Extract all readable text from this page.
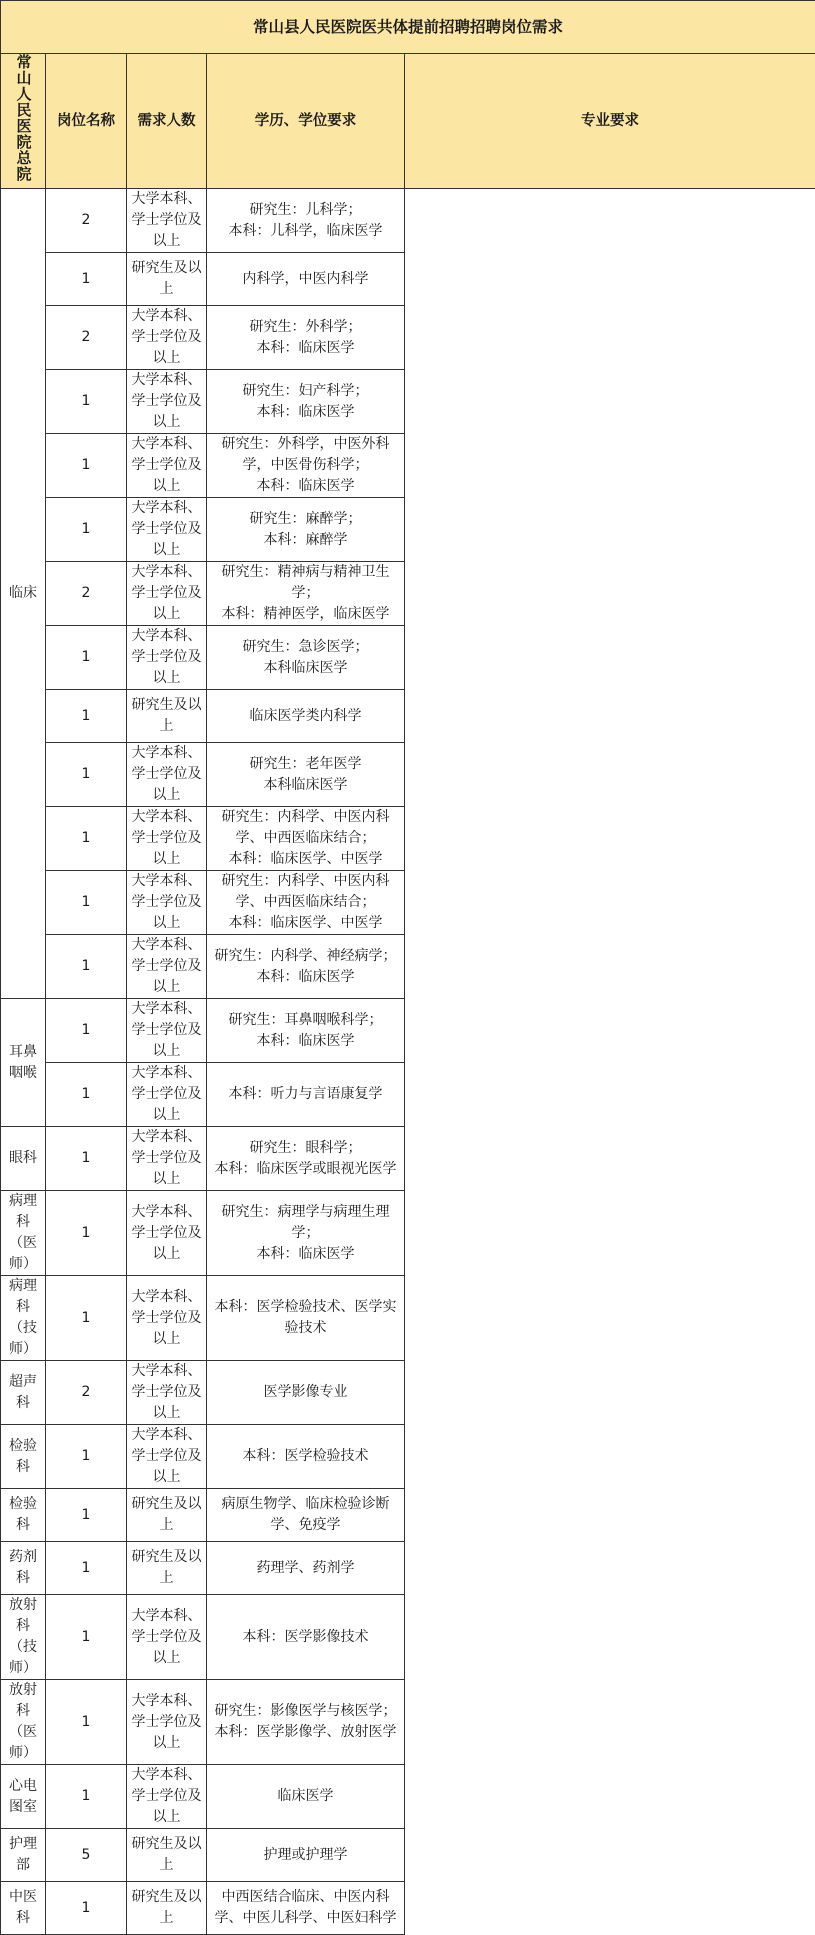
常山县人民医院医共体提前招聘招聘岗位需求				
常山人民医院总院	岗位名称	需求人数	学历、学位要求	专业要求

临床	2	大学本科、学士学位及以上	研究生：儿科学；
本科：儿科学，临床医学	

	1	研究生及以上	内科学，中医内科学	

	2	大学本科、学士学位及以上	研究生：外科学；
本科：临床医学	

	1	大学本科、学士学位及以上	研究生：妇产科学；
本科：临床医学	

	1	大学本科、学士学位及以上	研究生：外科学，中医外科学，中医骨伤科学；
本科：临床医学	

	1	大学本科、学士学位及以上	研究生：麻醉学；
本科：麻醉学	

	2	大学本科、学士学位及以上	研究生：精神病与精神卫生学；
本科：精神医学，临床医学	

	1	大学本科、学士学位及以上	研究生：急诊医学；
本科临床医学	

	1	研究生及以上	临床医学类内科学	

	1	大学本科、学士学位及以上	研究生：老年医学
本科临床医学	

	1	大学本科、学士学位及以上	研究生：内科学、中医内科学、中西医临床结合；
本科：临床医学、中医学	

	1	大学本科、学士学位及以上	研究生：内科学、中医内科学、中西医临床结合；
本科：临床医学、中医学	

	1	大学本科、学士学位及以上	研究生：内科学、神经病学；
本科：临床医学	

耳鼻咽喉	1	大学本科、学士学位及以上	研究生：耳鼻咽喉科学；
本科：临床医学	

	1	大学本科、学士学位及以上	本科：听力与言语康复学	

眼科	1	大学本科、学士学位及以上	研究生：眼科学；
本科：临床医学或眼视光医学	

病理科
（医师）	1	大学本科、学士学位及以上	研究生：病理学与病理生理学；
本科：临床医学	

病理科
（技师）	1	大学本科、学士学位及以上	本科：医学检验技术、医学实验技术	

超声科	2	大学本科、学士学位及以上	医学影像专业	

检验科	1	大学本科、学士学位及以上	本科：医学检验技术	

检验科	1	研究生及以上	病原生物学、临床检验诊断学、免疫学	

药剂科	1	研究生及以上	药理学、药剂学	

放射科
（技师）	1	大学本科、学士学位及以上	本科：医学影像技术	

放射科
（医师）	1	大学本科、学士学位及以上	研究生：影像医学与核医学；
本科：医学影像学、放射医学	

心电图室	1	大学本科、学士学位及以上	临床医学	

护理部	5	研究生及以上	护理或护理学	

中医科	1	研究生及以上	中西医结合临床、中医内科学、中医儿科学、中医妇科学	
